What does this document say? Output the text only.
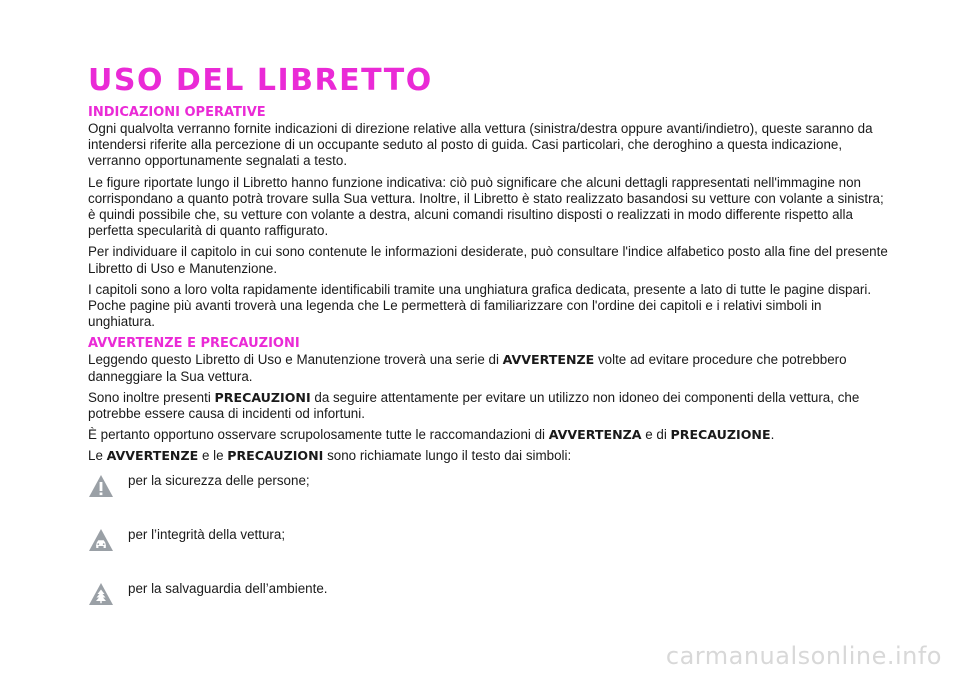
USO DEL LIBRETTO
INDICAZIONI OPERATIVE

Ogni qualvolta verranno fornite indicazioni di direzione relative alla vettura (sinistra/destra oppure avanti/indietro), queste saranno da intendersi riferite alla percezione di un occupante seduto al posto di guida. Casi particolari, che deroghino a questa indicazione, verranno opportunamente segnalati a testo.

Le figure riportate lungo il Libretto hanno funzione indicativa: ciò può significare che alcuni dettagli rappresentati nell'immagine non corrispondano a quanto potrà trovare sulla Sua vettura. Inoltre, il Libretto è stato realizzato basandosi su vetture con volante a sinistra; è quindi possibile che, su vetture con volante a destra, alcuni comandi risultino disposti o realizzati in modo differente rispetto alla perfetta specularità di quanto raffigurato.

Per individuare il capitolo in cui sono contenute le informazioni desiderate, può consultare l'indice alfabetico posto alla fine del presente Libretto di Uso e Manutenzione.

I capitoli sono a loro volta rapidamente identificabili tramite una unghiatura grafica dedicata, presente a lato di tutte le pagine dispari. Poche pagine più avanti troverà una legenda che Le permetterà di familiarizzare con l'ordine dei capitoli e i relativi simboli in unghiatura.

AVVERTENZE E PRECAUZIONI

Leggendo questo Libretto di Uso e Manutenzione troverà una serie di AVVERTENZE volte ad evitare procedure che potrebbero danneggiare la Sua vettura.

Sono inoltre presenti PRECAUZIONI da seguire attentamente per evitare un utilizzo non idoneo dei componenti della vettura, che potrebbe essere causa di incidenti od infortuni.

È pertanto opportuno osservare scrupolosamente tutte le raccomandazioni di AVVERTENZA e di PRECAUZIONE.

Le AVVERTENZE e le PRECAUZIONI sono richiamate lungo il testo dai simboli:

per la sicurezza delle persone;
per l’integrità della vettura;
per la salvaguardia dell’ambiente.
carmanualsonline.info
